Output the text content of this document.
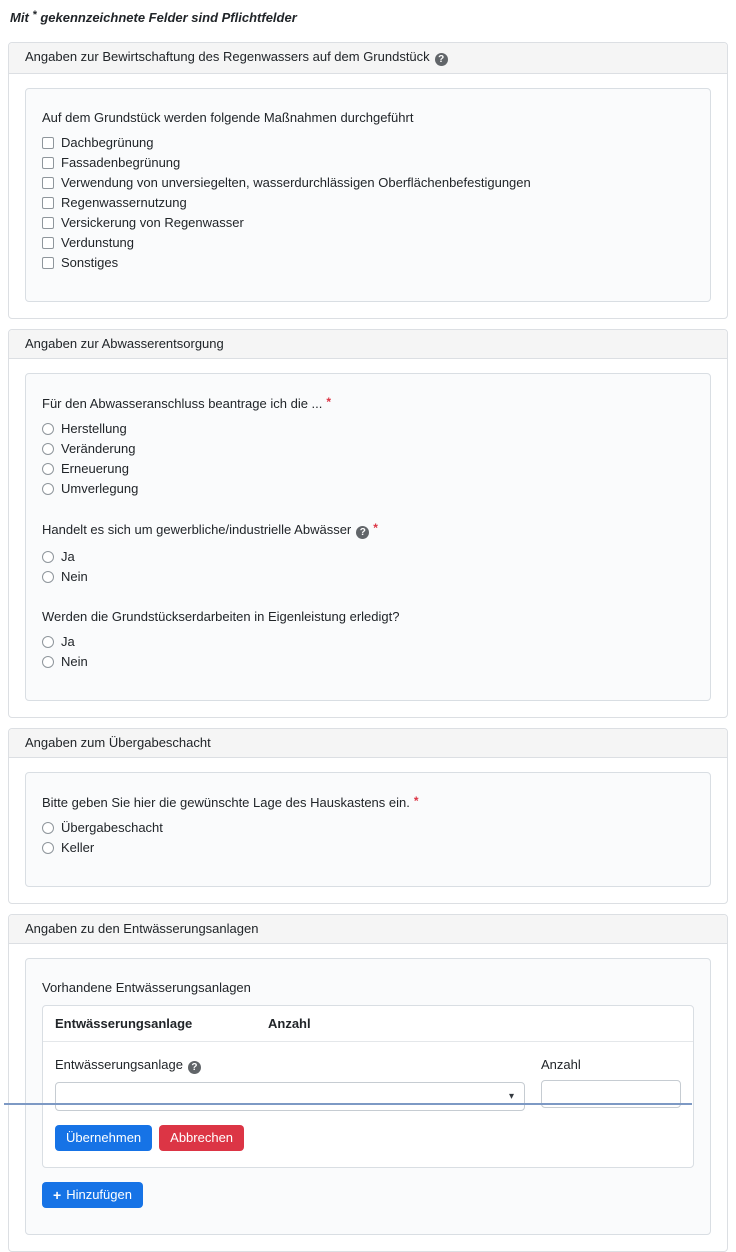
Mit * gekennzeichnete Felder sind Pflichtfelder
Angaben zur Bewirtschaftung des Regenwassers auf dem Grundstück ?
Auf dem Grundstück werden folgende Maßnahmen durchgeführt
Dachbegrünung
Fassadenbegrünung
Verwendung von unversiegelten, wasserdurchlässigen Oberflächenbefestigungen
Regenwassernutzung
Versickerung von Regenwasser
Verdunstung
Sonstiges
Angaben zur Abwasserentsorgung
Für den Abwasseranschluss beantrage ich die ... *
Herstellung
Veränderung
Erneuerung
Umverlegung
Handelt es sich um gewerbliche/industrielle Abwässer ? *
Ja
Nein
Werden die Grundstückserdarbeiten in Eigenleistung erledigt?
Ja
Nein
Angaben zum Übergabeschacht
Bitte geben Sie hier die gewünschte Lage des Hauskastens ein. *
Übergabeschacht
Keller
Angaben zu den Entwässerungsanlagen
Vorhandene Entwässerungsanlagen
Entwässerungsanlage	Anzahl
Entwässerungsanlage ?
▾
Anzahl
Übernehmen	Abbrechen
+ Hinzufügen
